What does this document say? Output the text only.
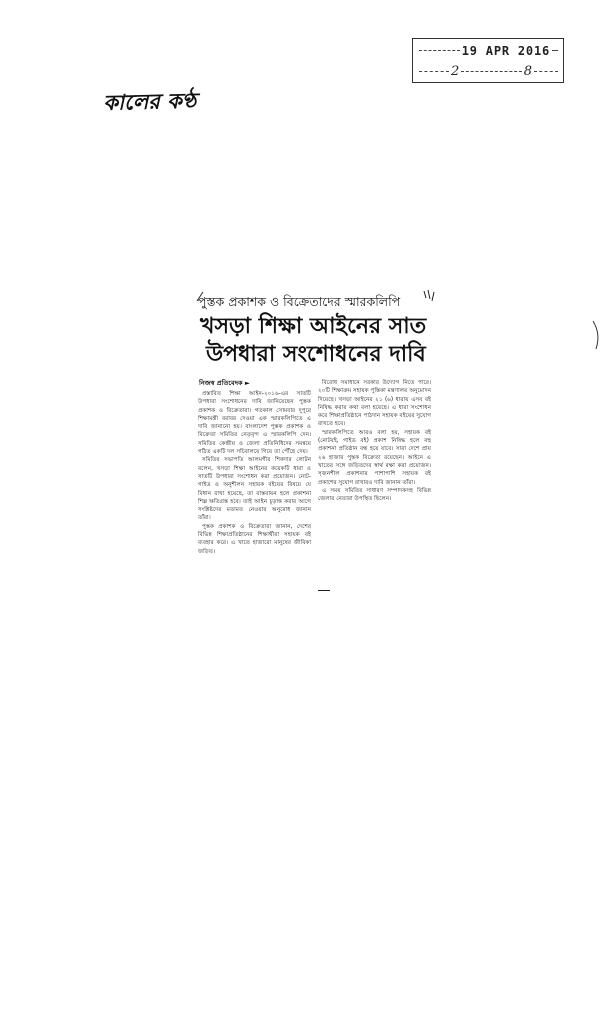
19 APR 2016
2	8
কালের কণ্ঠ
পুস্তক প্রকাশক ও বিক্রেতাদের স্মারকলিপি
খসড়া শিক্ষা আইনের সাত
উপধারা সংশোধনের দাবি
নিজস্ব প্রতিবেদক ►

প্রস্তাবিত শিক্ষা আইন-২০১৬-এর সাতটি উপধারা সংশোধনের দাবি জানিয়েছেন পুস্তক প্রকাশক ও বিক্রেতারা। গতকাল সোমবার দুপুরে শিক্ষামন্ত্রী বরাবর দেওয়া এক স্মারকলিপিতে এ দাবি জানানো হয়। বাংলাদেশ পুস্তক প্রকাশক ও বিক্রেতা সমিতির নেতৃবৃন্দ এ স্মারকলিপি দেন। সমিতির কেন্দ্রীয় ও জেলা প্রতিনিধিদের সমন্বয়ে গঠিত একটি দল সচিবালয়ে গিয়ে তা পৌঁছে দেয়।

সমিতির সভাপতি আলমগীর শিকদার লোটন বলেন, খসড়া শিক্ষা আইনের কয়েকটি ধারা ও সাতটি উপধারা সংশোধন করা প্রয়োজন। নোট-গাইড ও অনুশীলন সহায়ক বইয়ের বিষয়ে যে বিধান রাখা হয়েছে, তা বাস্তবায়ন হলে প্রকাশনা শিল্প ক্ষতিগ্রস্ত হবে। তাই আইন চূড়ান্ত করার আগে সংশ্লিষ্টদের মতামত নেওয়ার অনুরোধ জানান তাঁরা।

পুস্তক প্রকাশক ও বিক্রেতারা জানান, দেশের বিভিন্ন শিক্ষাপ্রতিষ্ঠানের শিক্ষার্থীরা সহায়ক বই ব্যবহার করে। এ খাতে হাজারো মানুষের জীবিকা জড়িত।

বিরোধ সমাধানে সরকার উদ্যোগ নিতে পারে। ২০টি শিক্ষাক্রম সহায়ক পুস্তিকা মন্ত্রণালয় অনুমোদন দিয়েছে। খসড়া আইনের ২১ (৬) ধারায় এসব বই নিষিদ্ধ করার কথা বলা হয়েছে। এ ধারা সংশোধন করে শিক্ষাপ্রতিষ্ঠানে পাঠদান সহায়ক বইয়ের সুযোগ রাখতে হবে।

স্মারকলিপিতে আরও বলা হয়, সহায়ক বই (নোটবই, গাইড বই) প্রকাশ নিষিদ্ধ হলে বহু প্রকাশনা প্রতিষ্ঠান বন্ধ হয়ে যাবে। সারা দেশে প্রায় ২৬ হাজার পুস্তক বিক্রেতা রয়েছেন। আইনে এ খাতের সঙ্গে জড়িতদের স্বার্থ রক্ষা করা প্রয়োজন। সৃজনশীল প্রকাশনার পাশাপাশি সহায়ক বই প্রকাশের সুযোগ রাখারও দাবি জানান তাঁরা।

এ সময় সমিতির সাধারণ সম্পাদকসহ বিভিন্ন জেলার নেতারা উপস্থিত ছিলেন।
